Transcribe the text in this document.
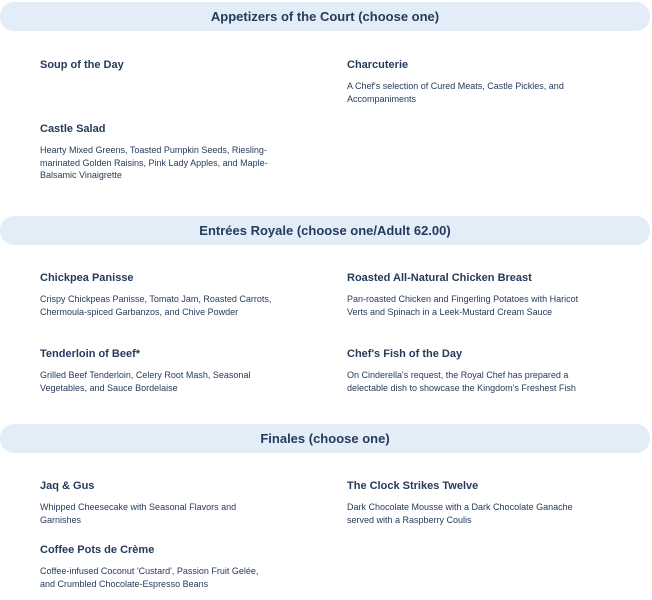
Appetizers of the Court (choose one)
Soup of the Day	Charcuterie
A Chef's selection of Cured Meats, Castle Pickles, and Accompaniments
Castle Salad
Hearty Mixed Greens, Toasted Pumpkin Seeds, Riesling-marinated Golden Raisins, Pink Lady Apples, and Maple-Balsamic Vinaigrette
Entrées Royale (choose one/Adult 62.00)
Chickpea Panisse
Crispy Chickpeas Panisse, Tomato Jam, Roasted Carrots, Chermoula-spiced Garbanzos, and Chive Powder
Roasted All-Natural Chicken Breast
Pan-roasted Chicken and Fingerling Potatoes with Haricot Verts and Spinach in a Leek-Mustard Cream Sauce
Tenderloin of Beef*
Grilled Beef Tenderloin, Celery Root Mash, Seasonal Vegetables, and Sauce Bordelaise
Chef's Fish of the Day
On Cinderella's request, the Royal Chef has prepared a delectable dish to showcase the Kingdom's Freshest Fish
Finales (choose one)
Jaq & Gus
Whipped Cheesecake with Seasonal Flavors and Garnishes
The Clock Strikes Twelve
Dark Chocolate Mousse with a Dark Chocolate Ganache served with a Raspberry Coulis
Coffee Pots de Crème
Coffee-infused Coconut 'Custard', Passion Fruit Gelée, and Crumbled Chocolate-Espresso Beans
